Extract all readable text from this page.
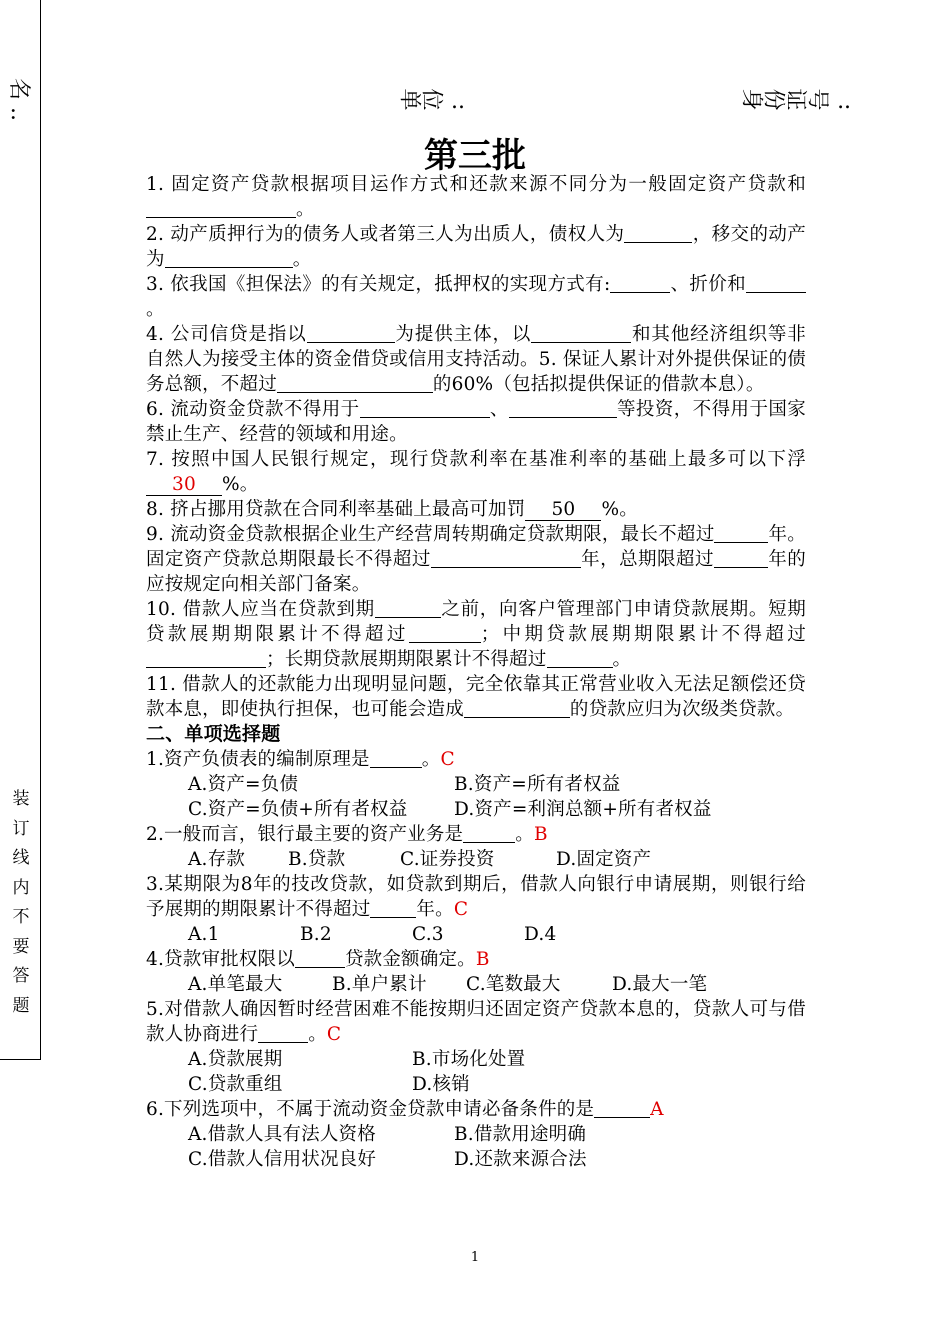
名 ..
装订线内不要答题
单位 ..	身份证号 ..
第三批

1. 固定资产贷款根据项目运作方式和还款来源不同分为一般固定资产贷款和。

2. 动产质押行为的债务人或者第三人为出质人，债权人为	，移交的动产为	。

3. 依我国《担保法》的有关规定，抵押权的实现方式有:	、折价和。

4. 公司信贷是指以	为提供主体，以	和其他经济组织等非自然人为接受主体的资金借贷或信用支持活动。5. 保证人累计对外提供保证的债务总额，不超过	的60%（包括拟提供保证的借款本息）。

6. 流动资金贷款不得用于	、	等投资，不得用于国家禁止生产、经营的领域和用途。

7. 按照中国人民银行规定，现行贷款利率在基准利率的基础上最多可以下浮30 %。

8. 挤占挪用贷款在合同利率基础上最高可加罚 50 %。

9. 流动资金贷款根据企业生产经营周转期确定贷款期限，最长不超过	年。固定资产贷款总期限最长不得超过	年，总期限超过	年的应按规定向相关部门备案。

10. 借款人应当在贷款到期	之前，向客户管理部门申请贷款展期。短期贷款展期期限累计不得超过	；中期贷款展期期限累计不得超过；长期贷款展期期限累计不得超过	。

11. 借款人的还款能力出现明显问题，完全依靠其正常营业收入无法足额偿还贷款本息，即使执行担保，也可能会造成	的贷款应归为次级类贷款。

二、单项选择题

1.资产负债表的编制原理是	。C

A.资产=负债	B.资产=所有者权益
C.资产=负债+所有者权益	D.资产=利润总额+所有者权益

2.一般而言，银行最主要的资产业务是	。B

A.存款	B.贷款	C.证券投资	D.固定资产

3.某期限为8年的技改贷款，如贷款到期后，借款人向银行申请展期，则银行给予展期的期限累计不得超过 年。C

A.1	B.2	C.3	D.4

4.贷款审批权限以	贷款金额确定。B

A.单笔最大	B.单户累计	C.笔数最大	D.最大一笔

5.对借款人确因暂时经营困难不能按期归还固定资产贷款本息的，贷款人可与借款人协商进行	。C

A.贷款展期	B.市场化处置
C.贷款重组	D.核销

6.下列选项中，不属于流动资金贷款申请必备条件的是	A

A.借款人具有法人资格	B.借款用途明确
C.借款人信用状况良好	D.还款来源合法
1
